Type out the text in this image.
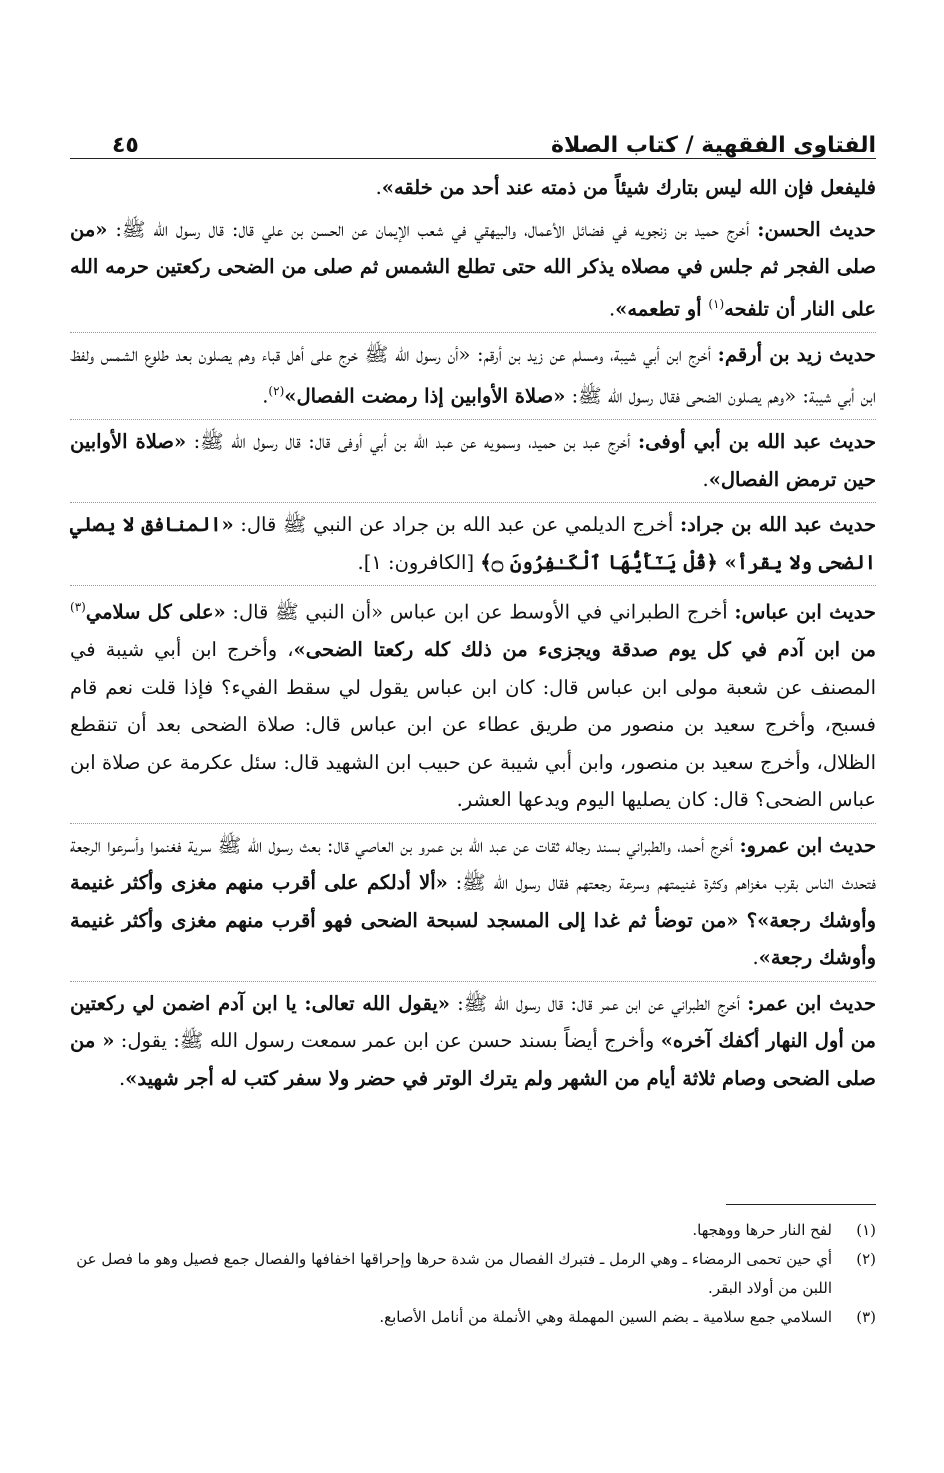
الفتاوى الفقهية / كتاب الصلاة
٤٥

فليفعل فإن الله ليس بتارك شيئاً من ذمته عند أحد من خلقه».

حديث الحسن: أخرج حميد بن زنجويه في فضائل الأعمال، والبيهقي في شعب الإيمان عن الحسن بن علي قال: قال رسول الله ﷺ: «من صلى الفجر ثم جلس في مصلاه يذكر الله حتى تطلع الشمس ثم صلى من الضحى ركعتين حرمه الله على النار أن تلفحه$^{(١)}$ أو تطعمه».

حديث زيد بن أرقم: أخرج ابن أبي شيبة، ومسلم عن زيد بن أرقم: «أن رسول الله ﷺ خرج على أهل قباء وهم يصلون بعد طلوع الشمس ولفظ ابن أبي شيبة: «وهم يصلون الضحى فقال رسول الله ﷺ: «صلاة الأوابين إذا رمضت الفصال»$^{(٢)}$.

حديث عبد الله بن أبي أوفى: أخرج عبد بن حميد، وسمويه عن عبد الله بن أبي أوفى قال: قال رسول الله ﷺ: «صلاة الأوابين حين ترمض الفصال».

حديث عبد الله بن جراد: أخرج الديلمي عن عبد الله بن جراد عن النبي ﷺ قال: «المنافق لا يصلي الضحى ولا يقرأ» ﴿قُلْ يَـٰٓأَيُّهَا ٱلْكَـٰفِرُونَ ۝﴾ [الكافرون: ١].

حديث ابن عباس: أخرج الطبراني في الأوسط عن ابن عباس «أن النبي ﷺ قال: «على كل سلامي$^{(٣)}$ من ابن آدم في كل يوم صدقة ويجزىء من ذلك كله ركعتا الضحى»، وأخرج ابن أبي شيبة في المصنف عن شعبة مولى ابن عباس قال: كان ابن عباس يقول لي سقط الفيء؟ فإذا قلت نعم قام فسبح، وأخرج سعيد بن منصور من طريق عطاء عن ابن عباس قال: صلاة الضحى بعد أن تنقطع الظلال، وأخرج سعيد بن منصور، وابن أبي شيبة عن حبيب ابن الشهيد قال: سئل عكرمة عن صلاة ابن عباس الضحى؟ قال: كان يصليها اليوم ويدعها العشر.

حديث ابن عمرو: أخرج أحمد، والطبراني بسند رجاله ثقات عن عبد الله بن عمرو بن العاصي قال: بعث رسول الله ﷺ سرية فغنموا وأسرعوا الرجعة فتحدث الناس بقرب مغزاهم وكثرة غنيمتهم وسرعة رجعتهم فقال رسول الله ﷺ: «ألا أدلكم على أقرب منهم مغزى وأكثر غنيمة وأوشك رجعة»؟ «من توضأ ثم غدا إلى المسجد لسبحة الضحى فهو أقرب منهم مغزى وأكثر غنيمة وأوشك رجعة».

حديث ابن عمر: أخرج الطبراني عن ابن عمر قال: قال رسول الله ﷺ: «يقول الله تعالى: يا ابن آدم اضمن لي ركعتين من أول النهار أكفك آخره» وأخرج أيضاً بسند حسن عن ابن عمر سمعت رسول الله ﷺ: يقول: « من صلى الضحى وصام ثلاثة أيام من الشهر ولم يترك الوتر في حضر ولا سفر كتب له أجر شهيد».

(١)
لفح النار حرها ووهجها.
(٢)
أي حين تحمى الرمضاء ـ وهي الرمل ـ فتبرك الفصال من شدة حرها وإحراقها اخفافها والفصال جمع فصيل وهو ما فصل عن اللبن من أولاد البقر.
(٣)
السلامي جمع سلامية ـ بضم السين المهملة وهي الأنملة من أنامل الأصابع.
